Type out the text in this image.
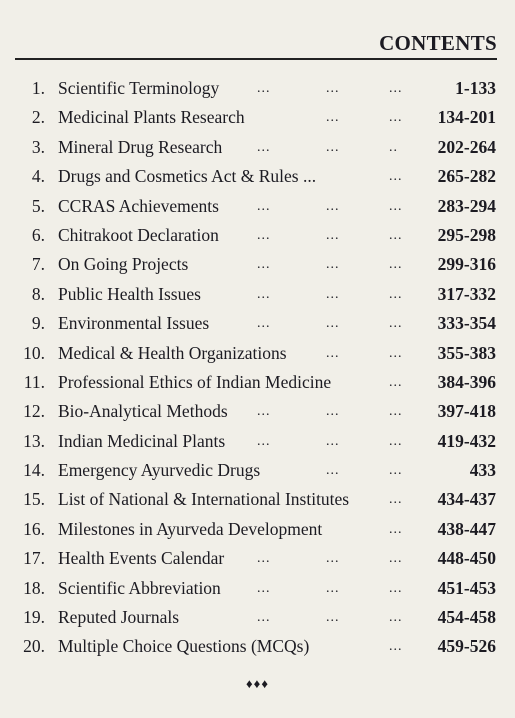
CONTENTS
1. Scientific Terminology	...	...	...	1-133
2. Medicinal Plants Research	...	... 134-201
3. Mineral Drug Research ...	...	.. 202-264
4. Drugs and Cosmetics Act & Rules ...	... 265-282
5. CCRAS Achievements	...	...	... 283-294
6. Chitrakoot Declaration	...	...	... 295-298
7. On Going Projects	...	...	... 299-316
8. Public Health Issues	...	...	... 317-332
9. Environmental Issues	...	...	... 333-354
10. Medical & Health Organizations	...	... 355-383
11. Professional Ethics of Indian Medicine	... 384-396
12. Bio-Analytical Methods ...	...	... 397-418
13. Indian Medicinal Plants ...	...	... 419-432
14. Emergency Ayurvedic Drugs	...	...	433
15. List of National & International Institutes	... 434-437
16. Milestones in Ayurveda Development	... 438-447
17. Health Events Calendar ...	...	... 448-450
18. Scientific Abbreviation	...	...	... 451-453
19. Reputed Journals	...	...	... 454-458
20. Multiple Choice Questions (MCQs)	... 459-526
♦♦♦
